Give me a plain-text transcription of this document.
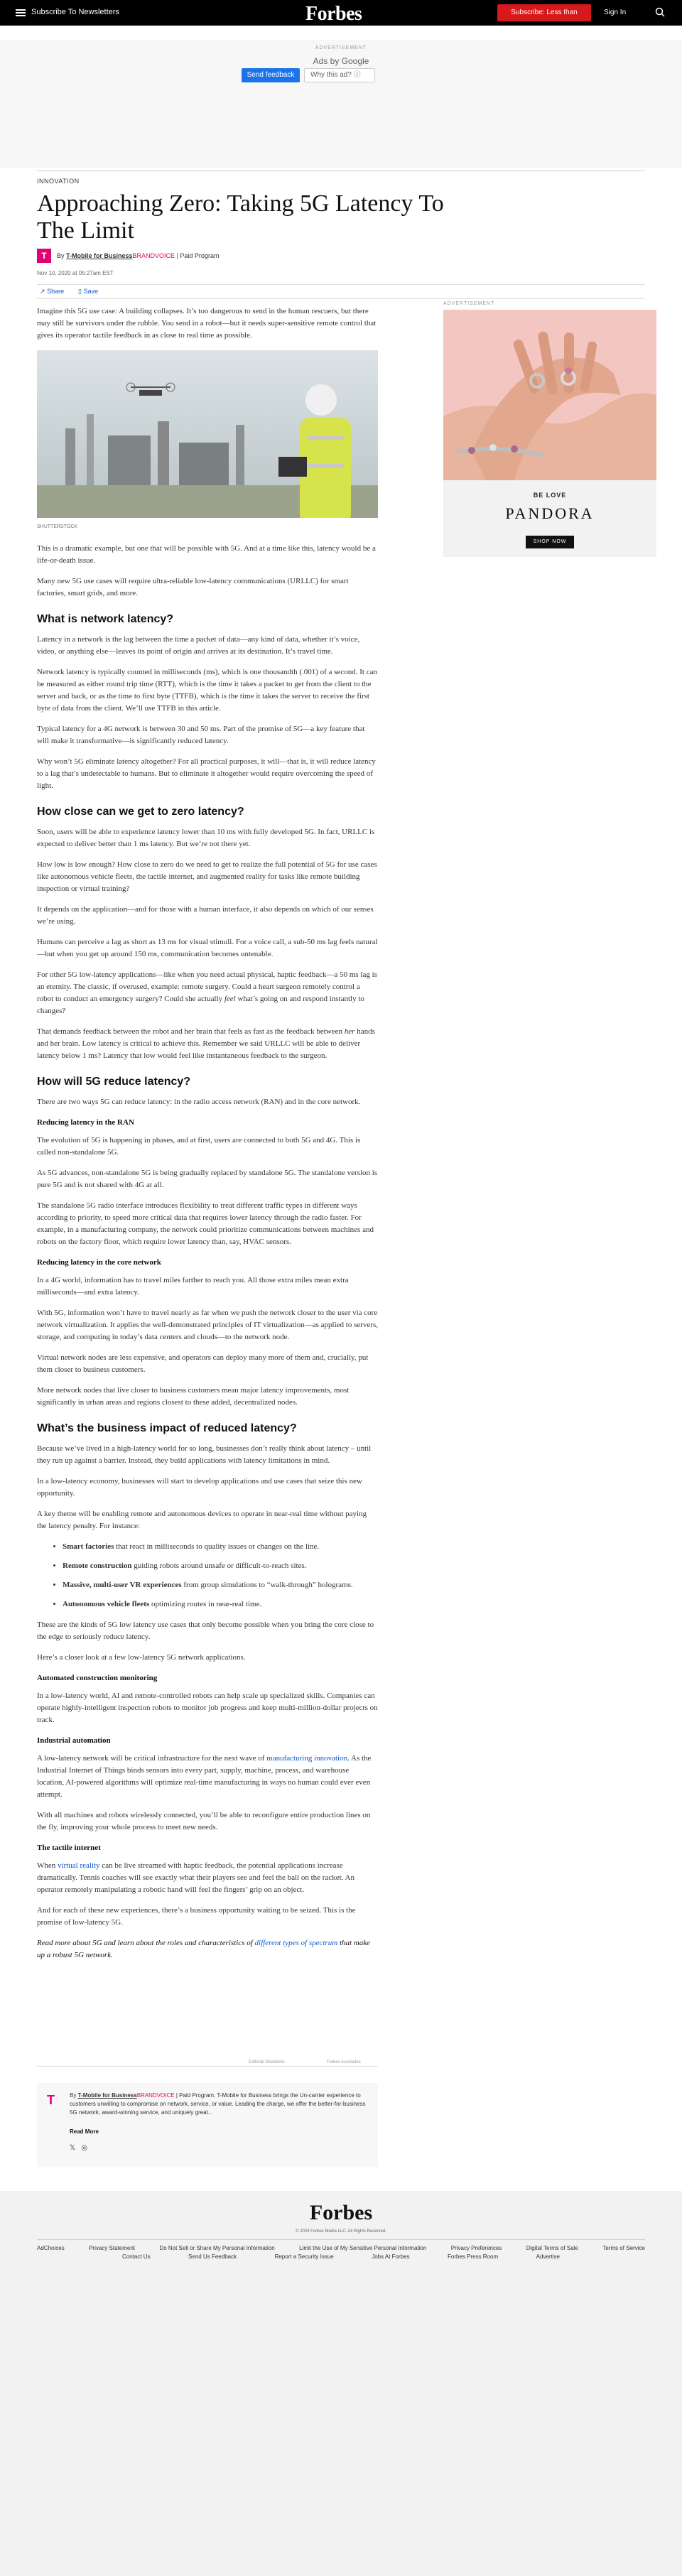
Subscribe To Newsletters	Forbes	Subscribe: Less than $1.50/wk
Sign In
ADVERTISEMENT
Ads by Google
Send feedback	Why this ad? ⓘ
INNOVATION
Approaching Zero: Taking 5G Latency To The Limit
T	By T-Mobile for BusinessBRANDVOICE | Paid Program
Nov 10, 2020 at 05:27am EST
↗ Share ▯ Save
ADVERTISEMENT
BE LOVE
PANDORA
SHOP NOW

Imagine this 5G use case: A building collapses. It’s too dangerous to send in the human rescuers, but there may still be survivors under the rubble. You send in a robot—but it needs super-sensitive remote control that gives its operator tactile feedback in as close to real time as possible.

SHUTTERSTOCK

This is a dramatic example, but one that will be possible with 5G. And at a time like this, latency would be a life-or-death issue.

Many new 5G use cases will require ultra-reliable low-latency communications (URLLC) for smart factories, smart grids, and more.

What is network latency?

Latency in a network is the lag between the time a packet of data—any kind of data, whether it’s voice, video, or anything else—leaves its point of origin and arrives at its destination. It’s travel time.

Network latency is typically counted in milliseconds (ms), which is one thousandth (.001) of a second. It can be measured as either round trip time (RTT), which is the time it takes a packet to get from the client to the server and back, or as the time to first byte (TTFB), which is the time it takes the server to receive the first byte of data from the client. We’ll use TTFB in this article.

Typical latency for a 4G network is between 30 and 50 ms. Part of the promise of 5G—a key feature that will make it transformative—is significantly reduced latency.

Why won’t 5G eliminate latency altogether? For all practical purposes, it will—that is, it will reduce latency to a lag that’s undetectable to humans. But to eliminate it altogether would require overcoming the speed of light.

How close can we get to zero latency?

Soon, users will be able to experience latency lower than 10 ms with fully developed 5G. In fact, URLLC is expected to deliver better than 1 ms latency. But we’re not there yet.

How low is low enough? How close to zero do we need to get to realize the full potential of 5G for use cases like autonomous vehicle fleets, the tactile internet, and augmented reality for tasks like remote building inspection or virtual training?

It depends on the application—and for those with a human interface, it also depends on which of our senses we’re using.

Humans can perceive a lag as short as 13 ms for visual stimuli. For a voice call, a sub-50 ms lag feels natural—but when you get up around 150 ms, communication becomes untenable.

For other 5G low-latency applications—like when you need actual physical, haptic feedback—a 50 ms lag is an eternity. The classic, if overused, example: remote surgery. Could a heart surgeon remotely control a robot to conduct an emergency surgery? Could she actually feel what’s going on and respond instantly to changes?

That demands feedback between the robot and her brain that feels as fast as the feedback between her hands and her brain. Low latency is critical to achieve this. Remember we said URLLC will be able to deliver latency below 1 ms? Latency that low would feel like instantaneous feedback to the surgeon.

How will 5G reduce latency?

There are two ways 5G can reduce latency: in the radio access network (RAN) and in the core network.

Reducing latency in the RAN

The evolution of 5G is happening in phases, and at first, users are connected to both 5G and 4G. This is called non-standalone 5G.

As 5G advances, non-standalone 5G is being gradually replaced by standalone 5G. The standalone version is pure 5G and is not shared with 4G at all.

The standalone 5G radio interface introduces flexibility to treat different traffic types in different ways according to priority, to speed more critical data that requires lower latency through the radio faster. For example, in a manufacturing company, the network could prioritize communications between machines and robots on the factory floor, which require lower latency than, say, HVAC sensors.

Reducing latency in the core network

In a 4G world, information has to travel miles farther to reach you. All those extra miles mean extra milliseconds—and extra latency.

With 5G, information won’t have to travel nearly as far when we push the network closer to the user via core network virtualization. It applies the well-demonstrated principles of IT virtualization—as applied to servers, storage, and computing in today’s data centers and clouds—to the network node.

Virtual network nodes are less expensive, and operators can deploy many more of them and, crucially, put them closer to business customers.

More network nodes that live closer to business customers mean major latency improvements, most significantly in urban areas and regions closest to these added, decentralized nodes.

What’s the business impact of reduced latency?

Because we’ve lived in a high-latency world for so long, businesses don’t really think about latency – until they run up against a barrier. Instead, they build applications with latency limitations in mind.

In a low-latency economy, businesses will start to develop applications and use cases that seize this new opportunity.

A key theme will be enabling remote and autonomous devices to operate in near-real time without paying the latency penalty. For instance:

• Smart factories that react in milliseconds to quality issues or changes on the line.
• Remote construction guiding robots around unsafe or difficult-to-reach sites.
• Massive, multi-user VR experiences from group simulations to “walk-through” holograms.
• Autonomous vehicle fleets optimizing routes in near-real time.

These are the kinds of 5G low latency use cases that only become possible when you bring the core close to the edge to seriously reduce latency.

Here’s a closer look at a few low-latency 5G network applications.

Automated construction monitoring

In a low-latency world, AI and remote-controlled robots can help scale up specialized skills. Companies can operate highly-intelligent inspection robots to monitor job progress and keep multi-million-dollar projects on track.

Industrial automation

A low-latency network will be critical infrastructure for the next wave of manufacturing innovation. As the Industrial Internet of Things binds sensors into every part, supply, machine, process, and warehouse location, AI-powered algorithms will optimize real-time manufacturing in ways no human could ever even attempt.

With all machines and robots wirelessly connected, you’ll be able to reconfigure entire production lines on the fly, improving your whole process to meet new needs.

The tactile internet

When virtual reality can be live streamed with haptic feedback, the potential applications increase dramatically. Tennis coaches will see exactly what their players see and feel the ball on the racket. An operator remotely manipulating a robotic hand will feel the fingers’ grip on an object.

And for each of these new experiences, there’s a business opportunity waiting to be seized. This is the promise of low-latency 5G.

Read more about 5G and learn about the roles and characteristics of different types of spectrum that make up a robust 5G network.

Editorial Standards	Forbes Accolades
T	By T-Mobile for BusinessBRANDVOICE | Paid Program. T-Mobile for Business brings the Un-carrier experience to customers unwilling to compromise on network, service, or value. Leading the charge, we offer the better-for-business 5G network, award-winning service, and uniquely great...
Read More
𝕏 ◎
Forbes
© 2024 Forbes Media LLC. All Rights Reserved.
AdChoices	Privacy Statement	Do Not Sell or Share My Personal Information	Limit the Use of My Sensitive Personal Information	Privacy Preferences	Digital Terms of Sale	Terms of Service
Contact Us	Send Us Feedback	Report a Security Issue	Jobs At Forbes	Forbes Press Room	Advertise
